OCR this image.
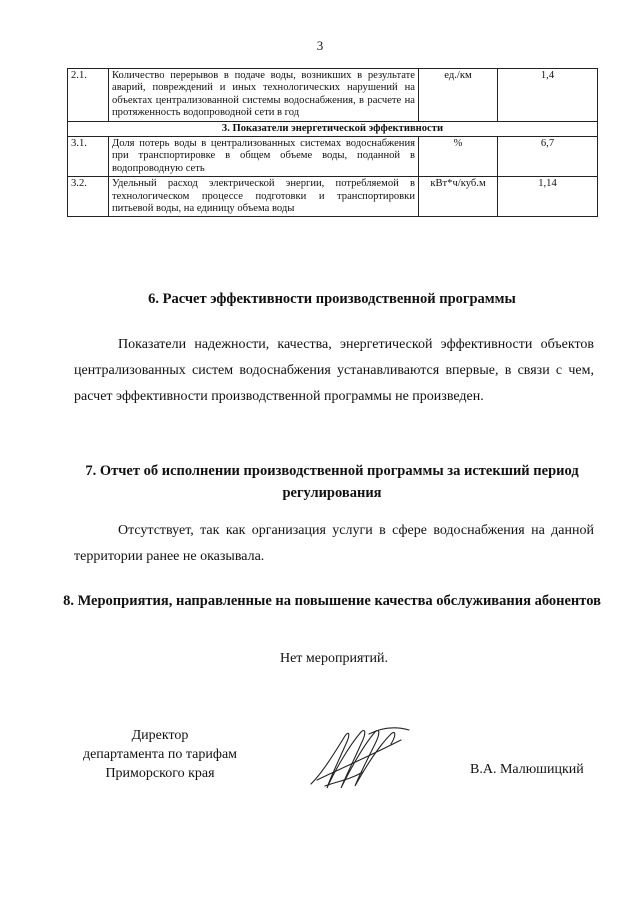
3
2.1.	Количество перерывов в подаче воды, возникших в результате аварий, повреждений и иных технологических нарушений на объектах централизованной системы водоснабжения, в расчете на протяженность водопроводной сети в год	ед./км	1,4
3. Показатели энергетической эффективности			
3.1.	Доля потерь воды в централизованных системах водоснабжения при транспортировке в общем объеме воды, поданной в водопроводную сеть	%	6,7
3.2.	Удельный расход электрической энергии, потребляемой в технологическом процессе подготовки и транспортировки питьевой воды, на единицу объема воды	кВт*ч/куб.м	1,14
6. Расчет эффективности производственной программы
Показатели надежности, качества, энергетической эффективности объектов централизованных систем водоснабжения устанавливаются впервые, в связи с чем, расчет эффективности производственной программы не произведен.
7. Отчет об исполнении производственной программы за истекший период регулирования
Отсутствует, так как организация услуги в сфере водоснабжения на данной территории ранее не оказывала.
8. Мероприятия, направленные на повышение качества обслуживания абонентов
Нет мероприятий.
Директор
департамента по тарифам
Приморского края	В.А. Малюшицкий
